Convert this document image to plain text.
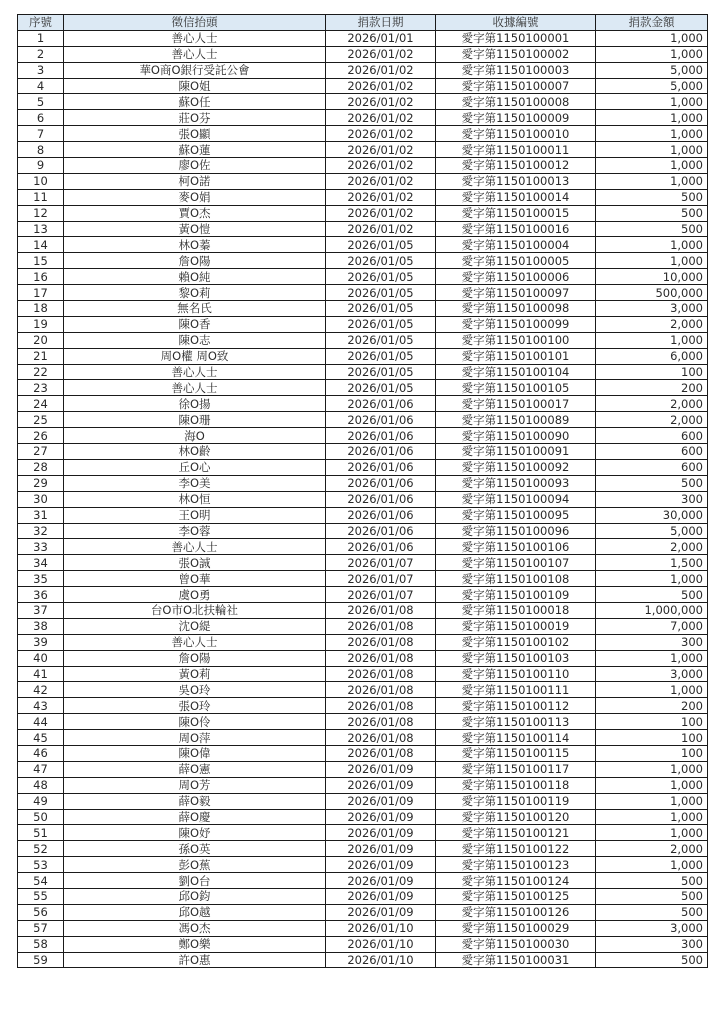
序號	徵信抬頭	捐款日期	收據編號	捐款金額
1	善心人士	2026/01/01	愛字第1150100001	1,000
2	善心人士	2026/01/02	愛字第1150100002	1,000
3	華O商O銀行受託公會	2026/01/02	愛字第1150100003	5,000
4	陳O姐	2026/01/02	愛字第1150100007	5,000
5	蘇O任	2026/01/02	愛字第1150100008	1,000
6	莊O芬	2026/01/02	愛字第1150100009	1,000
7	張O顯	2026/01/02	愛字第1150100010	1,000
8	蘇O蓮	2026/01/02	愛字第1150100011	1,000
9	廖O佐	2026/01/02	愛字第1150100012	1,000
10	柯O諾	2026/01/02	愛字第1150100013	1,000
11	麥O娟	2026/01/02	愛字第1150100014	500
12	賈O杰	2026/01/02	愛字第1150100015	500
13	黃O愷	2026/01/02	愛字第1150100016	500
14	林O蓁	2026/01/05	愛字第1150100004	1,000
15	詹O陽	2026/01/05	愛字第1150100005	1,000
16	賴O純	2026/01/05	愛字第1150100006	10,000
17	黎O莉	2026/01/05	愛字第1150100097	500,000
18	無名氏	2026/01/05	愛字第1150100098	3,000
19	陳O香	2026/01/05	愛字第1150100099	2,000
20	陳O志	2026/01/05	愛字第1150100100	1,000
21	周O權 周O致	2026/01/05	愛字第1150100101	6,000
22	善心人士	2026/01/05	愛字第1150100104	100
23	善心人士	2026/01/05	愛字第1150100105	200
24	徐O揚	2026/01/06	愛字第1150100017	2,000
25	陳O珊	2026/01/06	愛字第1150100089	2,000
26	海O	2026/01/06	愛字第1150100090	600
27	林O齡	2026/01/06	愛字第1150100091	600
28	丘O心	2026/01/06	愛字第1150100092	600
29	李O美	2026/01/06	愛字第1150100093	500
30	林O恒	2026/01/06	愛字第1150100094	300
31	王O明	2026/01/06	愛字第1150100095	30,000
32	李O蓉	2026/01/06	愛字第1150100096	5,000
33	善心人士	2026/01/06	愛字第1150100106	2,000
34	張O誠	2026/01/07	愛字第1150100107	1,500
35	曾O華	2026/01/07	愛字第1150100108	1,000
36	虞O勇	2026/01/07	愛字第1150100109	500
37	台O市O北扶輪社	2026/01/08	愛字第1150100018	1,000,000
38	沈O緹	2026/01/08	愛字第1150100019	7,000
39	善心人士	2026/01/08	愛字第1150100102	300
40	詹O陽	2026/01/08	愛字第1150100103	1,000
41	黃O莉	2026/01/08	愛字第1150100110	3,000
42	吳O玲	2026/01/08	愛字第1150100111	1,000
43	張O玲	2026/01/08	愛字第1150100112	200
44	陳O伶	2026/01/08	愛字第1150100113	100
45	周O萍	2026/01/08	愛字第1150100114	100
46	陳O偉	2026/01/08	愛字第1150100115	100
47	薛O憲	2026/01/09	愛字第1150100117	1,000
48	周O芳	2026/01/09	愛字第1150100118	1,000
49	薛O毅	2026/01/09	愛字第1150100119	1,000
50	薛O慶	2026/01/09	愛字第1150100120	1,000
51	陳O妤	2026/01/09	愛字第1150100121	1,000
52	孫O英	2026/01/09	愛字第1150100122	2,000
53	彭O蕉	2026/01/09	愛字第1150100123	1,000
54	劉O台	2026/01/09	愛字第1150100124	500
55	邱O鈞	2026/01/09	愛字第1150100125	500
56	邱O越	2026/01/09	愛字第1150100126	500
57	馮O杰	2026/01/10	愛字第1150100029	3,000
58	鄭O樂	2026/01/10	愛字第1150100030	300
59	許O惠	2026/01/10	愛字第1150100031	500
